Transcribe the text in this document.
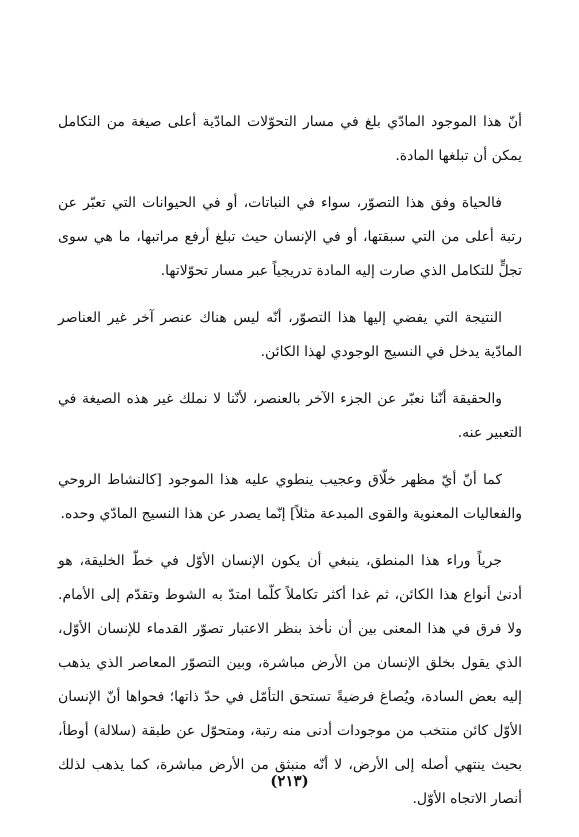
أنّ هذا الموجود المادّي بلغ في مسار التحوّلات المادّية أعلى صيغة من التكامل يمكن أن تبلغها المادة.

فالحياة وفق هذا التصوّر، سواء في النباتات، أو في الحيوانات التي تعبّر عن رتبة أعلى من التي سبقتها، أو في الإنسان حيث تبلغ أرفع مراتبها، ما هي سوى تجلٍّ للتكامل الذي صارت إليه المادة تدريجياً عبر مسار تحوّلاتها.

النتيجة التي يفضي إليها هذا التصوّر، أنّه ليس هناك عنصر آخر غير العناصر المادّية يدخل في النسيج الوجودي لهذا الكائن.

والحقيقة أنّنا نعبّر عن الجزء الآخر بالعنصر، لأنّنا لا نملك غير هذه الصيغة في التعبير عنه.

كما أنّ أيّ مظهر خلّاق وعجيب ينطوي عليه هذا الموجود [كالنشاط الروحي والفعاليات المعنوية والقوى المبدعة مثلاً] إنّما يصدر عن هذا النسيج المادّي وحده.

جرياً وراء هذا المنطق، ينبغي أن يكون الإنسان الأوّل في خطّ الخليقة، هو أدنىٰ أنواع هذا الكائن، ثم غدا أكثر تكاملاً كلّما امتدّ به الشوط وتقدّم إلى الأمام. ولا فرق في هذا المعنى بين أن نأخذ بنظر الاعتبار تصوّر القدماء للإنسان الأوّل، الذي يقول بخلق الإنسان من الأرض مباشرة، وبين التصوّر المعاصر الذي يذهب إليه بعض السادة، ويُصاغ فرضيةً تستحق التأمّل في حدّ ذاتها؛ فحواها أنّ الإنسان الأوّل كائن منتخب من موجودات أدنى منه رتبة، ومتحوّل عن طبقة (سلالة) أوطأ، بحيث ينتهي أصله إلى الأرض، لا أنّه منبثق من الأرض مباشرة، كما يذهب لذلك أنصار الاتجاه الأوّل.

(٢١٣)
